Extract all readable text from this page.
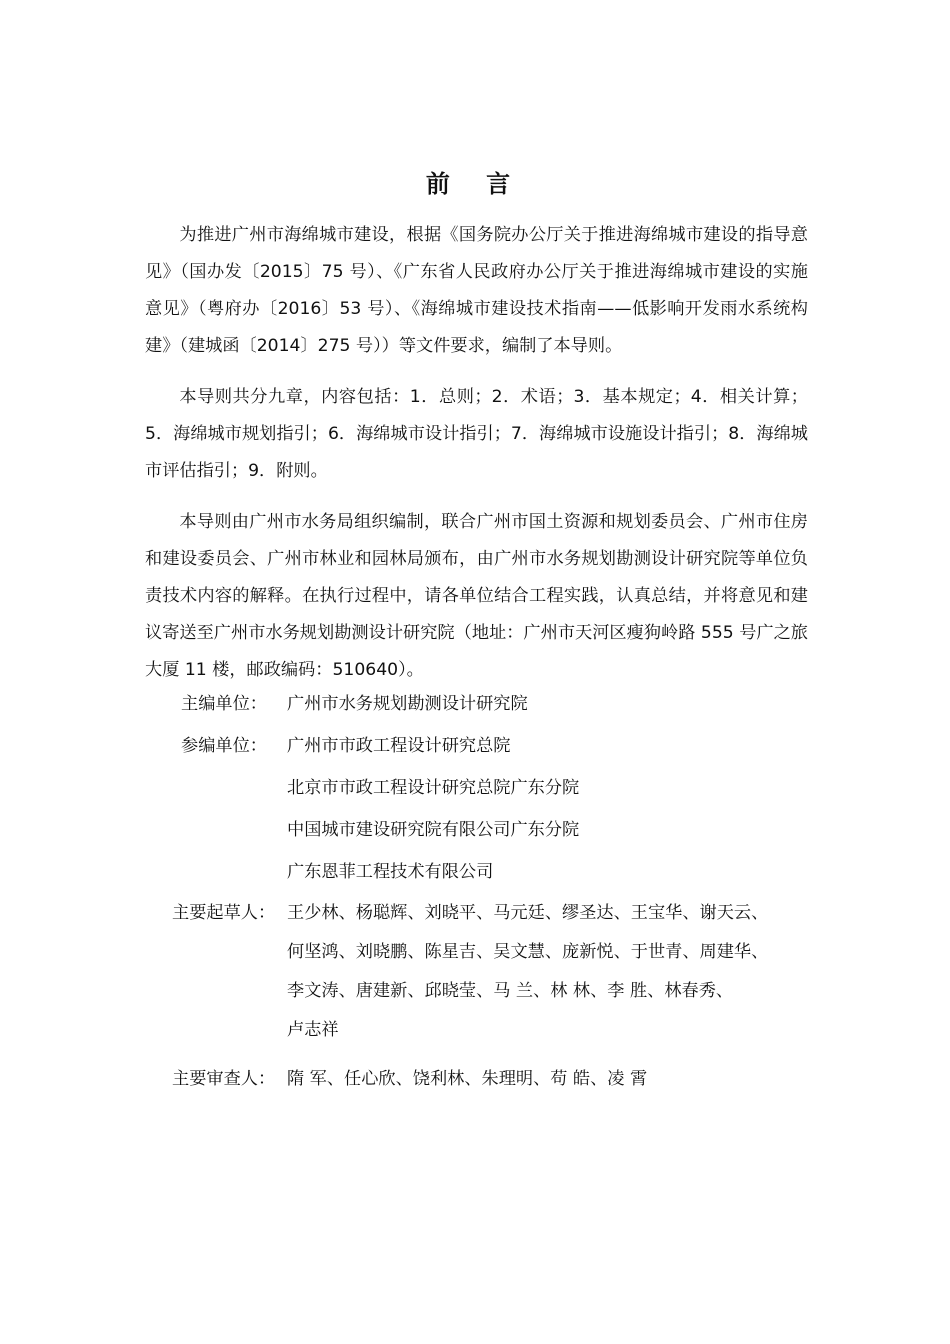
前 言

为推进广州市海绵城市建设，根据《国务院办公厅关于推进海绵城市建设的指导意见》（国办发〔2015〕75 号）、《广东省人民政府办公厅关于推进海绵城市建设的实施意见》（粤府办〔2016〕53 号）、《海绵城市建设技术指南——低影响开发雨水系统构建》（建城函〔2014〕275 号））等文件要求，编制了本导则。

本导则共分九章，内容包括：1．总则；2．术语；3．基本规定；4．相关计算；5．海绵城市规划指引；6．海绵城市设计指引；7．海绵城市设施设计指引；8．海绵城市评估指引；9．附则。

本导则由广州市水务局组织编制，联合广州市国土资源和规划委员会、广州市住房和建设委员会、广州市林业和园林局颁布，由广州市水务规划勘测设计研究院等单位负责技术内容的解释。在执行过程中，请各单位结合工程实践，认真总结，并将意见和建议寄送至广州市水务规划勘测设计研究院（地址：广州市天河区瘦狗岭路 555 号广之旅大厦 11 楼，邮政编码：510640）。

主编单位：	广州市水务规划勘测设计研究院
参编单位：	广州市市政工程设计研究总院
北京市市政工程设计研究总院广东分院
中国城市建设研究院有限公司广东分院
广东恩菲工程技术有限公司
主要起草人： 王少林、杨聪辉、刘晓平、马元廷、缪圣达、王宝华、谢天云、
何坚鸿、刘晓鹏、陈星吉、吴文慧、庞新悦、于世青、周建华、
李文涛、唐建新、邱晓莹、马 兰、林 林、李 胜、林春秀、
卢志祥
主要审查人： 隋 军、任心欣、饶利林、朱理明、苟 皓、凌 霄
